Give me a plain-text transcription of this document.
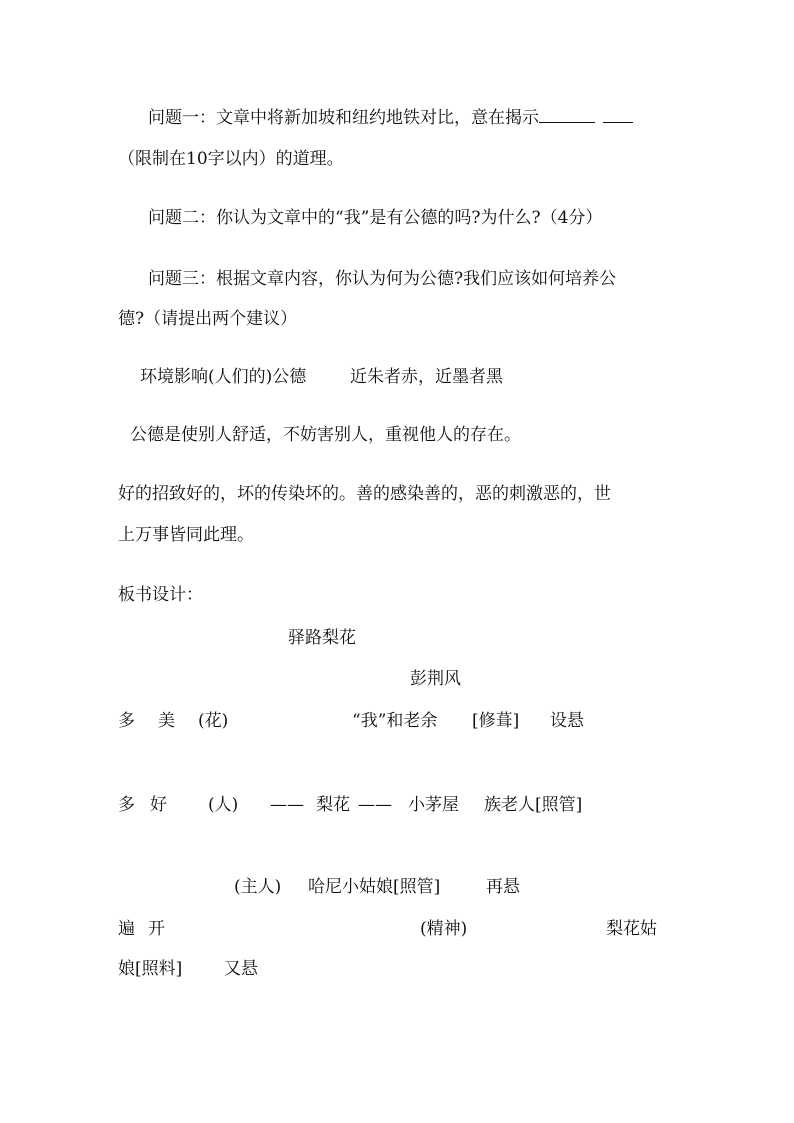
问题一：文章中将新加坡和纽约地铁对比，意在揭示
（限制在10字以内）的道理。
问题二：你认为文章中的“我”是有公德的吗?为什么?（4分）
问题三：根据文章内容，你认为何为公德?我们应该如何培养公
德?（请提出两个建议）
环境影响(人们的)公德	近朱者赤，近墨者黑
公德是使别人舒适，不妨害别人，重视他人的存在。
好的招致好的，坏的传染坏的。善的感染善的，恶的刺激恶的，世
上万事皆同此理。
板书设计：
驿路梨花
彭荆风
多 美 (花)	“我”和老余 [修葺] 设悬
多 好 (人) —— 梨花 —— 小茅屋 族老人[照管]
(主人) 哈尼小姑娘[照管]	再悬
遍 开	(精神)	梨花姑
娘[照料] 又悬
